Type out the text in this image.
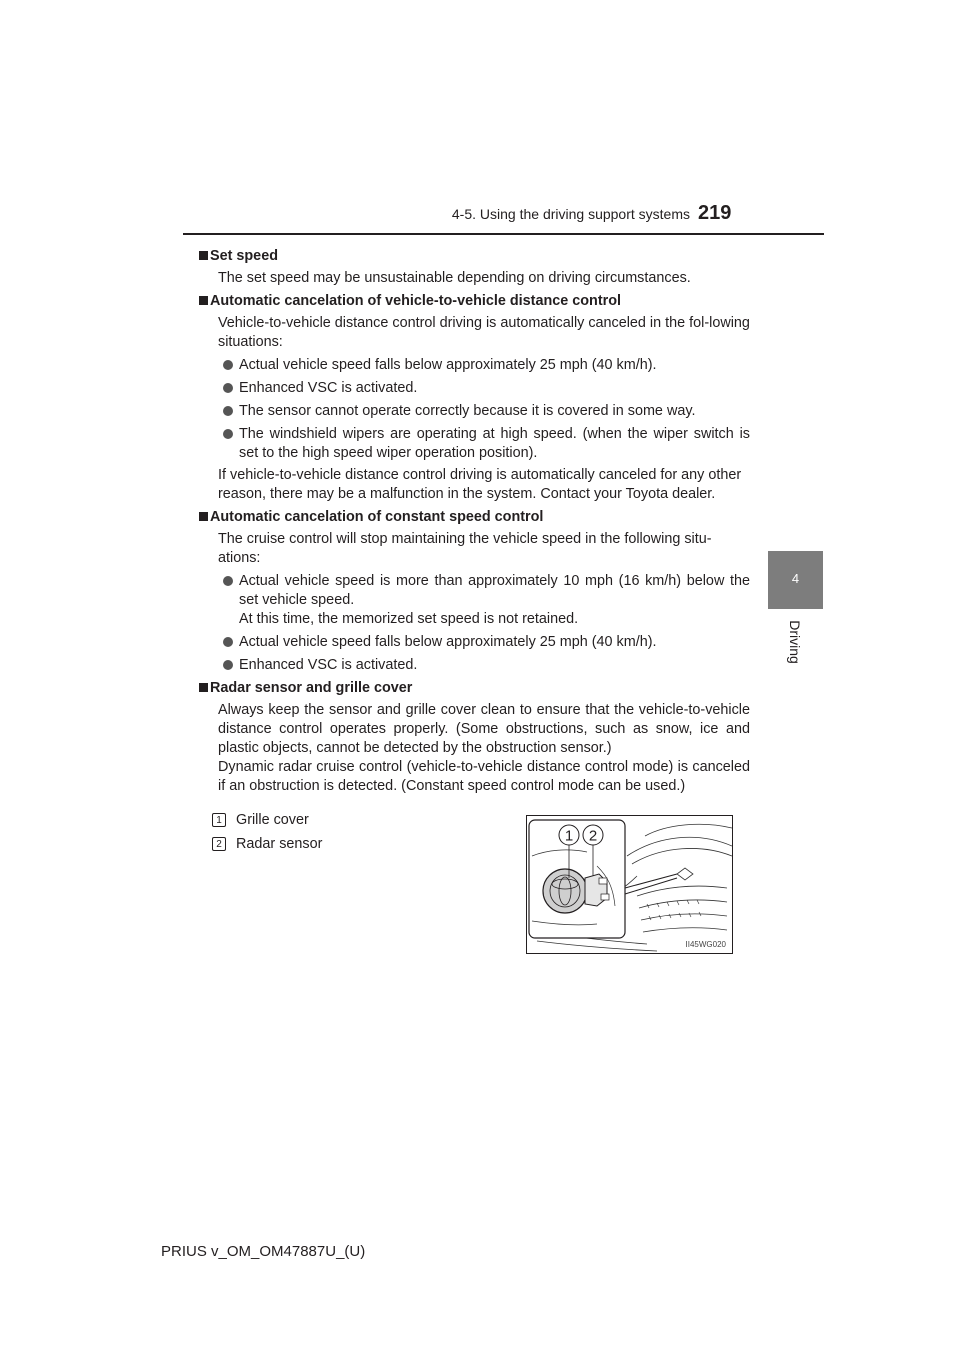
4-5. Using the driving support systems 219
4
Driving
Set speed
The set speed may be unsustainable depending on driving circumstances.
Automatic cancelation of vehicle-to-vehicle distance control
Vehicle-to-vehicle distance control driving is automatically canceled in the fol-lowing situations:
Actual vehicle speed falls below approximately 25 mph (40 km/h).
Enhanced VSC is activated.
The sensor cannot operate correctly because it is covered in some way.
The windshield wipers are operating at high speed. (when the wiper switch is set to the high speed wiper operation position).
If vehicle-to-vehicle distance control driving is automatically canceled for any other reason, there may be a malfunction in the system. Contact your Toyota dealer.
Automatic cancelation of constant speed control
The cruise control will stop maintaining the vehicle speed in the following situ-ations:
Actual vehicle speed is more than approximately 10 mph (16 km/h) below the set vehicle speed.
At this time, the memorized set speed is not retained.
Actual vehicle speed falls below approximately 25 mph (40 km/h).
Enhanced VSC is activated.
Radar sensor and grille cover
Always keep the sensor and grille cover clean to ensure that the vehicle-to-vehicle distance control operates properly. (Some obstructions, such as snow, ice and plastic objects, cannot be detected by the obstruction sensor.)
Dynamic radar cruise control (vehicle-to-vehicle distance control mode) is canceled if an obstruction is detected. (Constant speed control mode can be used.)
1 Grille cover
2 Radar sensor	1 2
II45WG020
PRIUS v_OM_OM47887U_(U)
